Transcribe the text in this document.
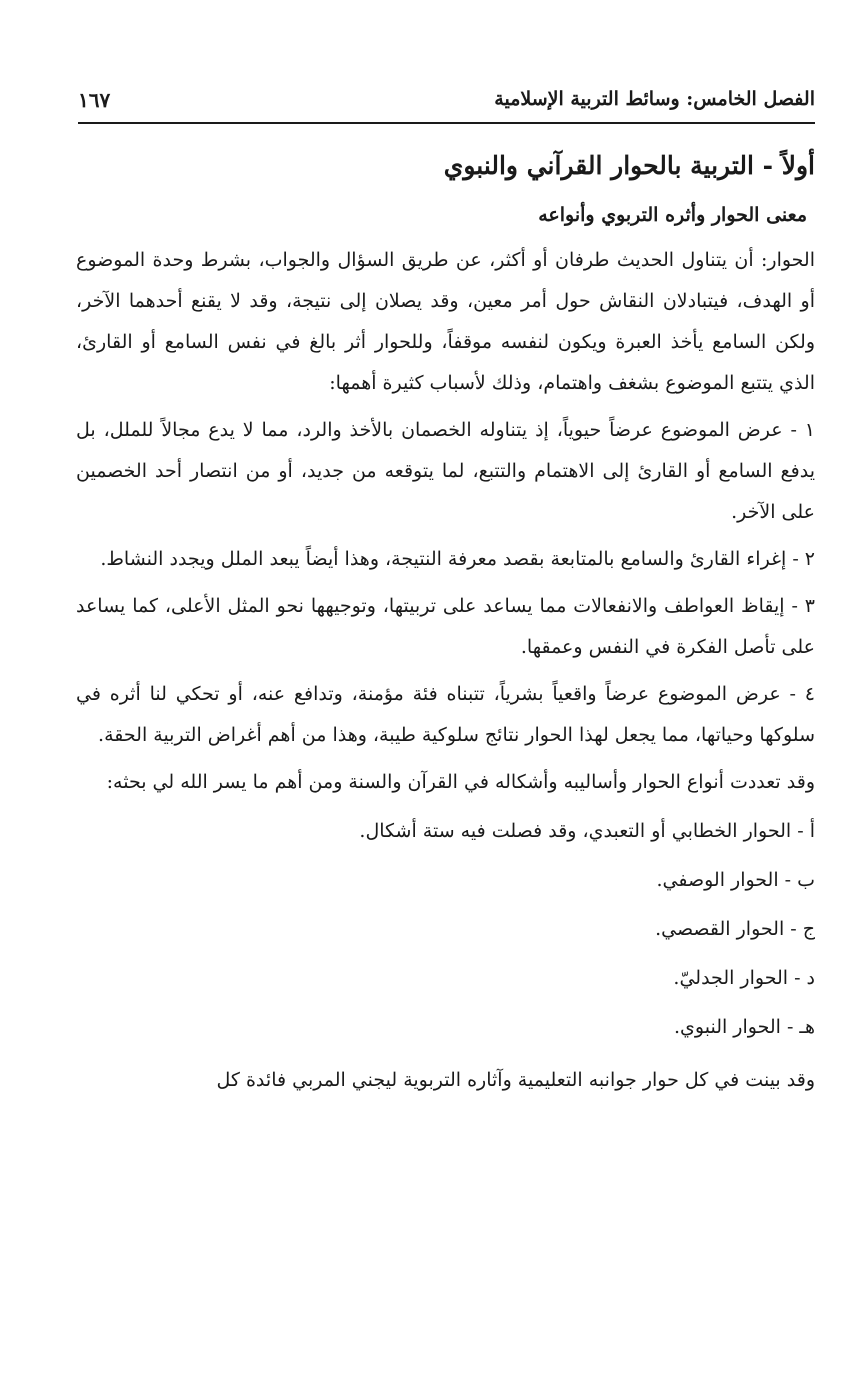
الفصل الخامس: وسائط التربية الإسلامية
١٦٧
أولاً - التربية بالحوار القرآني والنبوي
معنى الحوار وأثره التربوي وأنواعه

الحوار: أن يتناول الحديث طرفان أو أكثر، عن طريق السؤال والجواب، بشرط وحدة الموضوع أو الهدف، فيتبادلان النقاش حول أمر معين، وقد يصلان إلى نتيجة، وقد لا يقنع أحدهما الآخر، ولكن السامع يأخذ العبرة ويكون لنفسه موقفاً، وللحوار أثر بالغ في نفس السامع أو القارئ، الذي يتتبع الموضوع بشغف واهتمام، وذلك لأسباب كثيرة أهمها:

١ - عرض الموضوع عرضاً حيوياً، إذ يتناوله الخصمان بالأخذ والرد، مما لا يدع مجالاً للملل، بل يدفع السامع أو القارئ إلى الاهتمام والتتبع، لما يتوقعه من جديد، أو من انتصار أحد الخصمين على الآخر.

٢ - إغراء القارئ والسامع بالمتابعة بقصد معرفة النتيجة، وهذا أيضاً يبعد الملل ويجدد النشاط.

٣ - إيقاظ العواطف والانفعالات مما يساعد على تربيتها، وتوجيهها نحو المثل الأعلى، كما يساعد على تأصل الفكرة في النفس وعمقها.

٤ - عرض الموضوع عرضاً واقعياً بشرياً، تتبناه فئة مؤمنة، وتدافع عنه، أو تحكي لنا أثره في سلوكها وحياتها، مما يجعل لهذا الحوار نتائج سلوكية طيبة، وهذا من أهم أغراض التربية الحقة.

وقد تعددت أنواع الحوار وأساليبه وأشكاله في القرآن والسنة ومن أهم ما يسر الله لي بحثه:

أ - الحوار الخطابي أو التعبدي، وقد فصلت فيه ستة أشكال.
ب - الحوار الوصفي.
ج - الحوار القصصي.
د - الحوار الجدليّ.
هـ - الحوار النبوي.

وقد بينت في كل حوار جوانبه التعليمية وآثاره التربوية ليجني المربي فائدة كل
